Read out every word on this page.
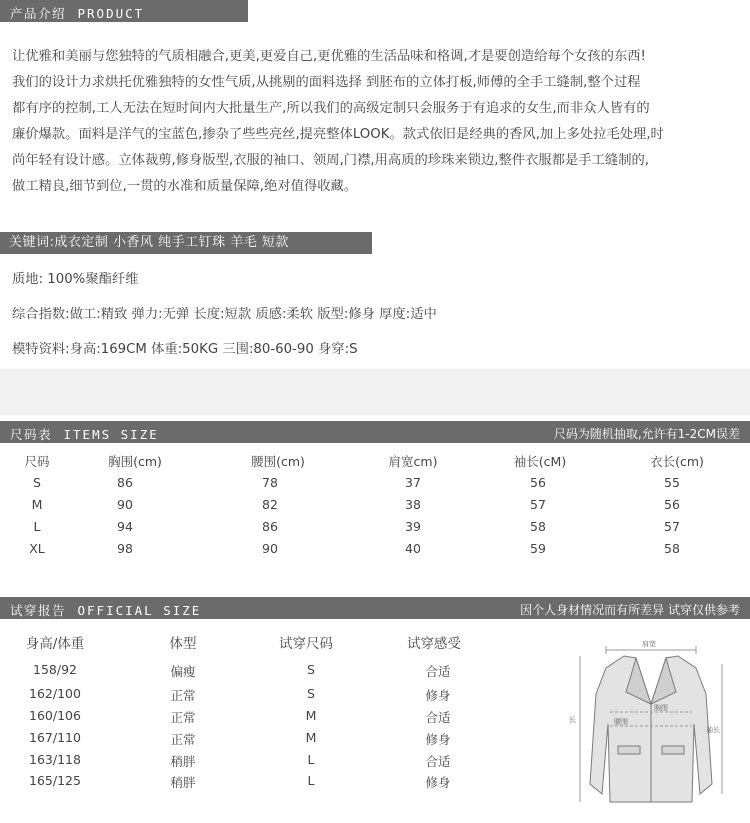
产品介绍 PRODUCT INFORMATION
让优雅和美丽与您独特的气质相融合,更美,更爱自己,更优雅的生活品味和格调,才是要创造给每个女孩的东西!
我们的设计力求烘托优雅独特的女性气质,从挑剔的面料选择 到胚布的立体打板,师傅的全手工缝制,整个过程
都有序的控制,工人无法在短时间内大批量生产,所以我们的高级定制只会服务于有追求的女生,而非众人皆有的
廉价爆款。面料是洋气的宝蓝色,掺杂了些些亮丝,提亮整体LOOK。款式依旧是经典的香风,加上多处拉毛处理,时
尚年轻有设计感。立体裁剪,修身版型,衣服的袖口、领周,门襟,用高质的珍珠来锁边,整件衣服都是手工缝制的,
做工精良,细节到位,一贯的水准和质量保障,绝对值得收藏。
关键词:成衣定制 小香风 纯手工钉珠 羊毛 短款
质地: 100%聚酯纤维
综合指数:做工:精致 弹力:无弹 长度:短款 质感:柔软 版型:修身 厚度:适中
模特资料:身高:169CM 体重:50KG 三围:80-60-90 身穿:S
尺码表 ITEMS SIZE	尺码为随机抽取,允许有1-2CM误差
尺码	胸围(cm)	腰围(cm)	肩宽cm)	袖长(cM)	衣长(cm)
S	86	78	37	56	55
M	90	82	38	57	56
L	94	86	39	58	57
XL	98	90	40	59	58
试穿报告 OFFICIAL SIZE	因个人身材情况而有所差异 试穿仅供参考
身高/体重	体型	试穿尺码	试穿感受
158/92	偏瘦	S	合适
162/100	正常	S	修身
160/106	正常	M	合适
167/110	正常	M	修身
163/118	稍胖	L	合适
165/125	稍胖	L	修身
肩宽
胸围
腰围
长
袖长
